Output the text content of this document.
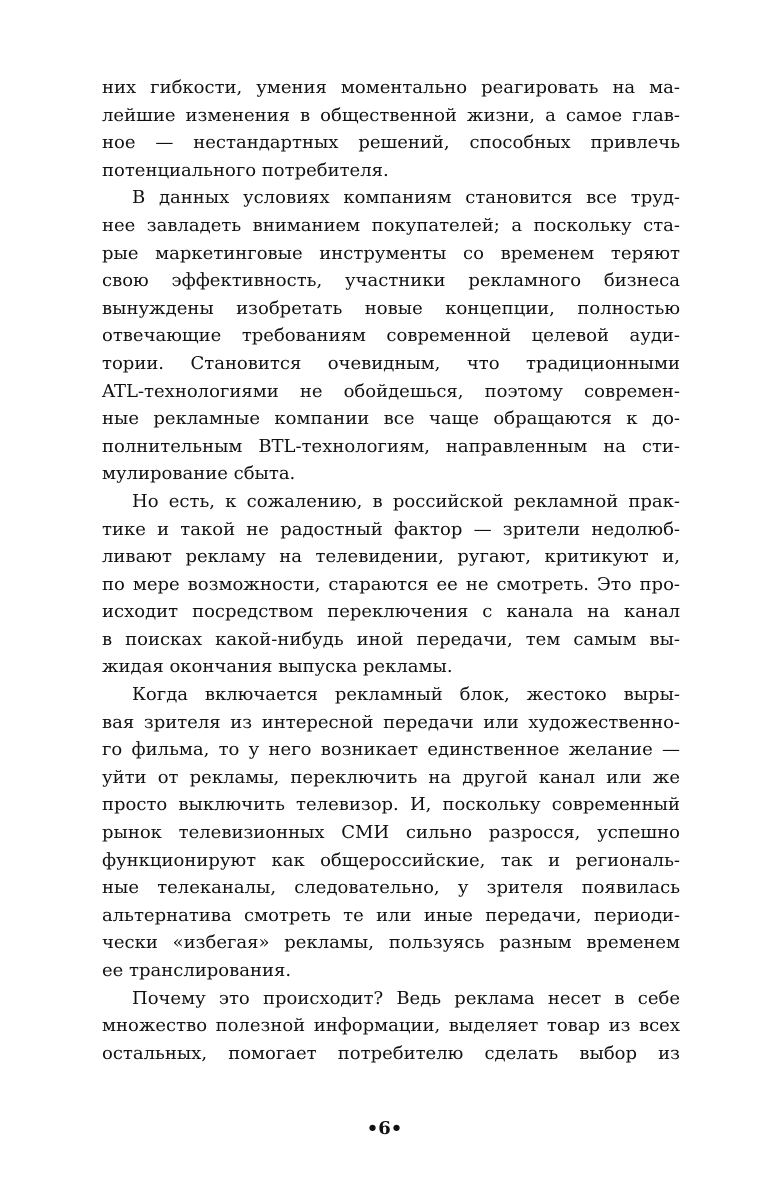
них гибкости, умения моментально реагировать на ма-
лейшие изменения в общественной жизни, а самое глав-
ное — нестандартных решений, способных привлечь
потенциального потребителя.
В данных условиях компаниям становится все труд-
нее завладеть вниманием покупателей; а поскольку ста-
рые маркетинговые инструменты со временем теряют
свою эффективность, участники рекламного бизнеса
вынуждены изобретать новые концепции, полностью
отвечающие требованиям современной целевой ауди-
тории. Становится очевидным, что традиционными
ATL-технологиями не обойдешься, поэтому современ-
ные рекламные компании все чаще обращаются к до-
полнительным BTL-технологиям, направленным на сти-
мулирование сбыта.
Но есть, к сожалению, в российской рекламной прак-
тике и такой не радостный фактор — зрители недолюб-
ливают рекламу на телевидении, ругают, критикуют и,
по мере возможности, стараются ее не смотреть. Это про-
исходит посредством переключения с канала на канал
в поисках какой-нибудь иной передачи, тем самым вы-
жидая окончания выпуска рекламы.
Когда включается рекламный блок, жестоко выры-
вая зрителя из интересной передачи или художественно-
го фильма, то у него возникает единственное желание —
уйти от рекламы, переключить на другой канал или же
просто выключить телевизор. И, поскольку современный
рынок телевизионных СМИ сильно разросся, успешно
функционируют как общероссийские, так и региональ-
ные телеканалы, следовательно, у зрителя появилась
альтернатива смотреть те или иные передачи, периоди-
чески «избегая» рекламы, пользуясь разным временем
ее транслирования.
Почему это происходит? Ведь реклама несет в себе
множество полезной информации, выделяет товар из всех
остальных, помогает потребителю сделать выбор из
•6•
